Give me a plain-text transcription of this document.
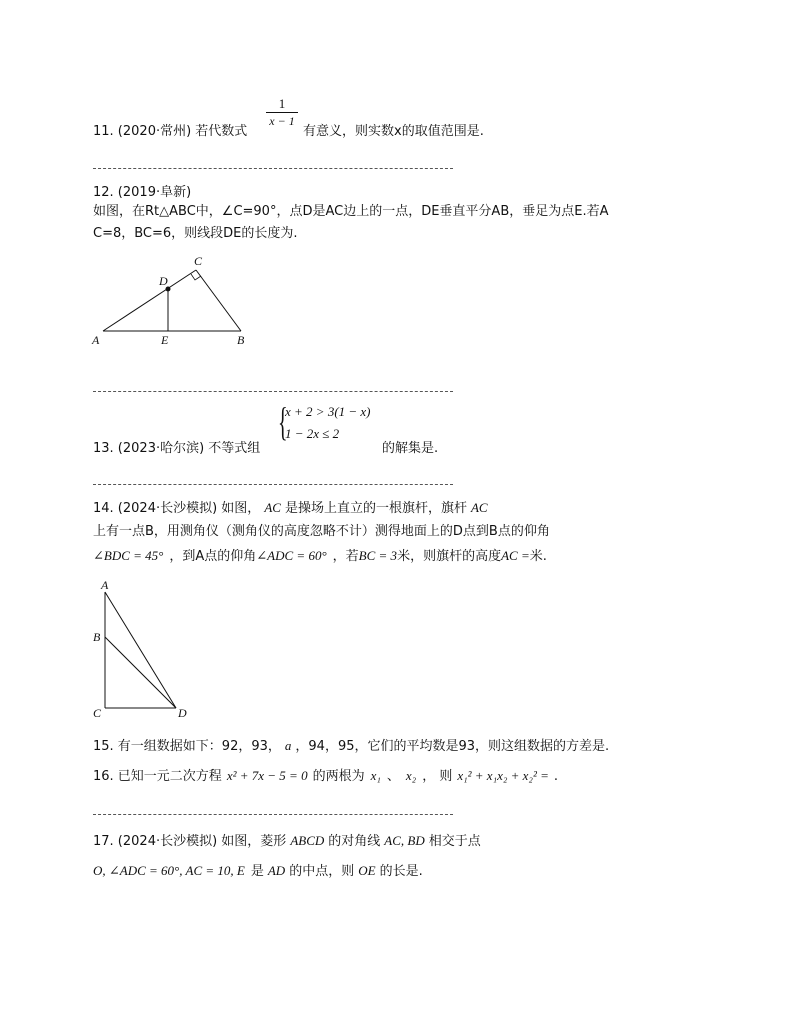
11. (2020·常州) 若代数式
1
x − 1
有意义，则实数x的取值范围是.
12. (2019·阜新)
如图，在Rt△ABC中，∠C=90°，点D是AC边上的一点，DE垂直平分AB，垂足为点E.若A
C=8，BC=6，则线段DE的长度为.
A	E	B
C
D
{
x + 2 > 3(1 − x)
1 − 2x ≤ 2
13. (2023·哈尔滨) 不等式组	的解集是.
14. (2024·长沙模拟) 如图， AC 是操场上直立的一根旗杆，旗杆 AC
上有一点B，用测角仪（测角仪的高度忽略不计）测得地面上的D点到B点的仰角
∠BDC = 45° ，到A点的仰角∠ADC = 60° ，若BC = 3米，则旗杆的高度AC =米.
A
B
C	D
15. 有一组数据如下：92，93， a ，94，95，它们的平均数是93，则这组数据的方差是.
16. 已知一元二次方程 x² + 7x − 5 = 0 的两根为 x₁ 、 x₂ ， 则 x₁² + x₁x₂ + x₂² = .
17. (2024·长沙模拟) 如图，菱形 ABCD 的对角线 AC, BD 相交于点
O, ∠ADC = 60°, AC = 10, E 是 AD 的中点，则 OE 的长是.
